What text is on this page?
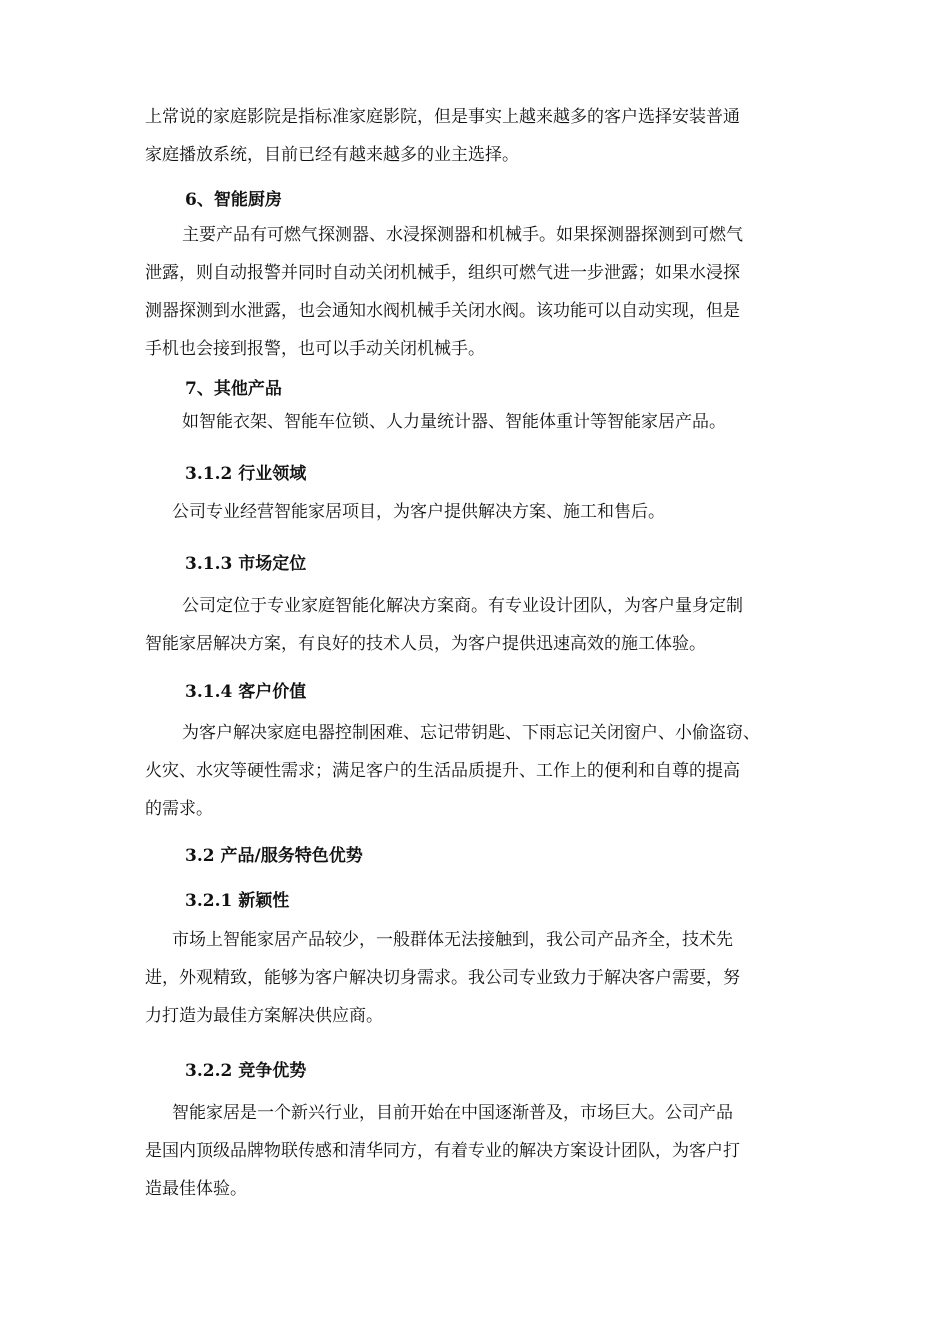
上常说的家庭影院是指标准家庭影院，但是事实上越来越多的客户选择安装普通
家庭播放系统，目前已经有越来越多的业主选择。
6、智能厨房
主要产品有可燃气探测器、水浸探测器和机械手。如果探测器探测到可燃气
泄露，则自动报警并同时自动关闭机械手，组织可燃气进一步泄露；如果水浸探
测器探测到水泄露，也会通知水阀机械手关闭水阀。该功能可以自动实现，但是
手机也会接到报警，也可以手动关闭机械手。
7、其他产品
如智能衣架、智能车位锁、人力量统计器、智能体重计等智能家居产品。
3.1.2 行业领域
公司专业经营智能家居项目，为客户提供解决方案、施工和售后。
3.1.3 市场定位
公司定位于专业家庭智能化解决方案商。有专业设计团队，为客户量身定制
智能家居解决方案，有良好的技术人员，为客户提供迅速高效的施工体验。
3.1.4 客户价值
为客户解决家庭电器控制困难、忘记带钥匙、下雨忘记关闭窗户、小偷盗窃、
火灾、水灾等硬性需求；满足客户的生活品质提升、工作上的便利和自尊的提高
的需求。
3.2 产品/服务特色优势
3.2.1 新颖性
市场上智能家居产品较少，一般群体无法接触到，我公司产品齐全，技术先
进，外观精致，能够为客户解决切身需求。我公司专业致力于解决客户需要，努
力打造为最佳方案解决供应商。
3.2.2 竞争优势
智能家居是一个新兴行业，目前开始在中国逐渐普及，市场巨大。公司产品
是国内顶级品牌物联传感和清华同方，有着专业的解决方案设计团队，为客户打
造最佳体验。
